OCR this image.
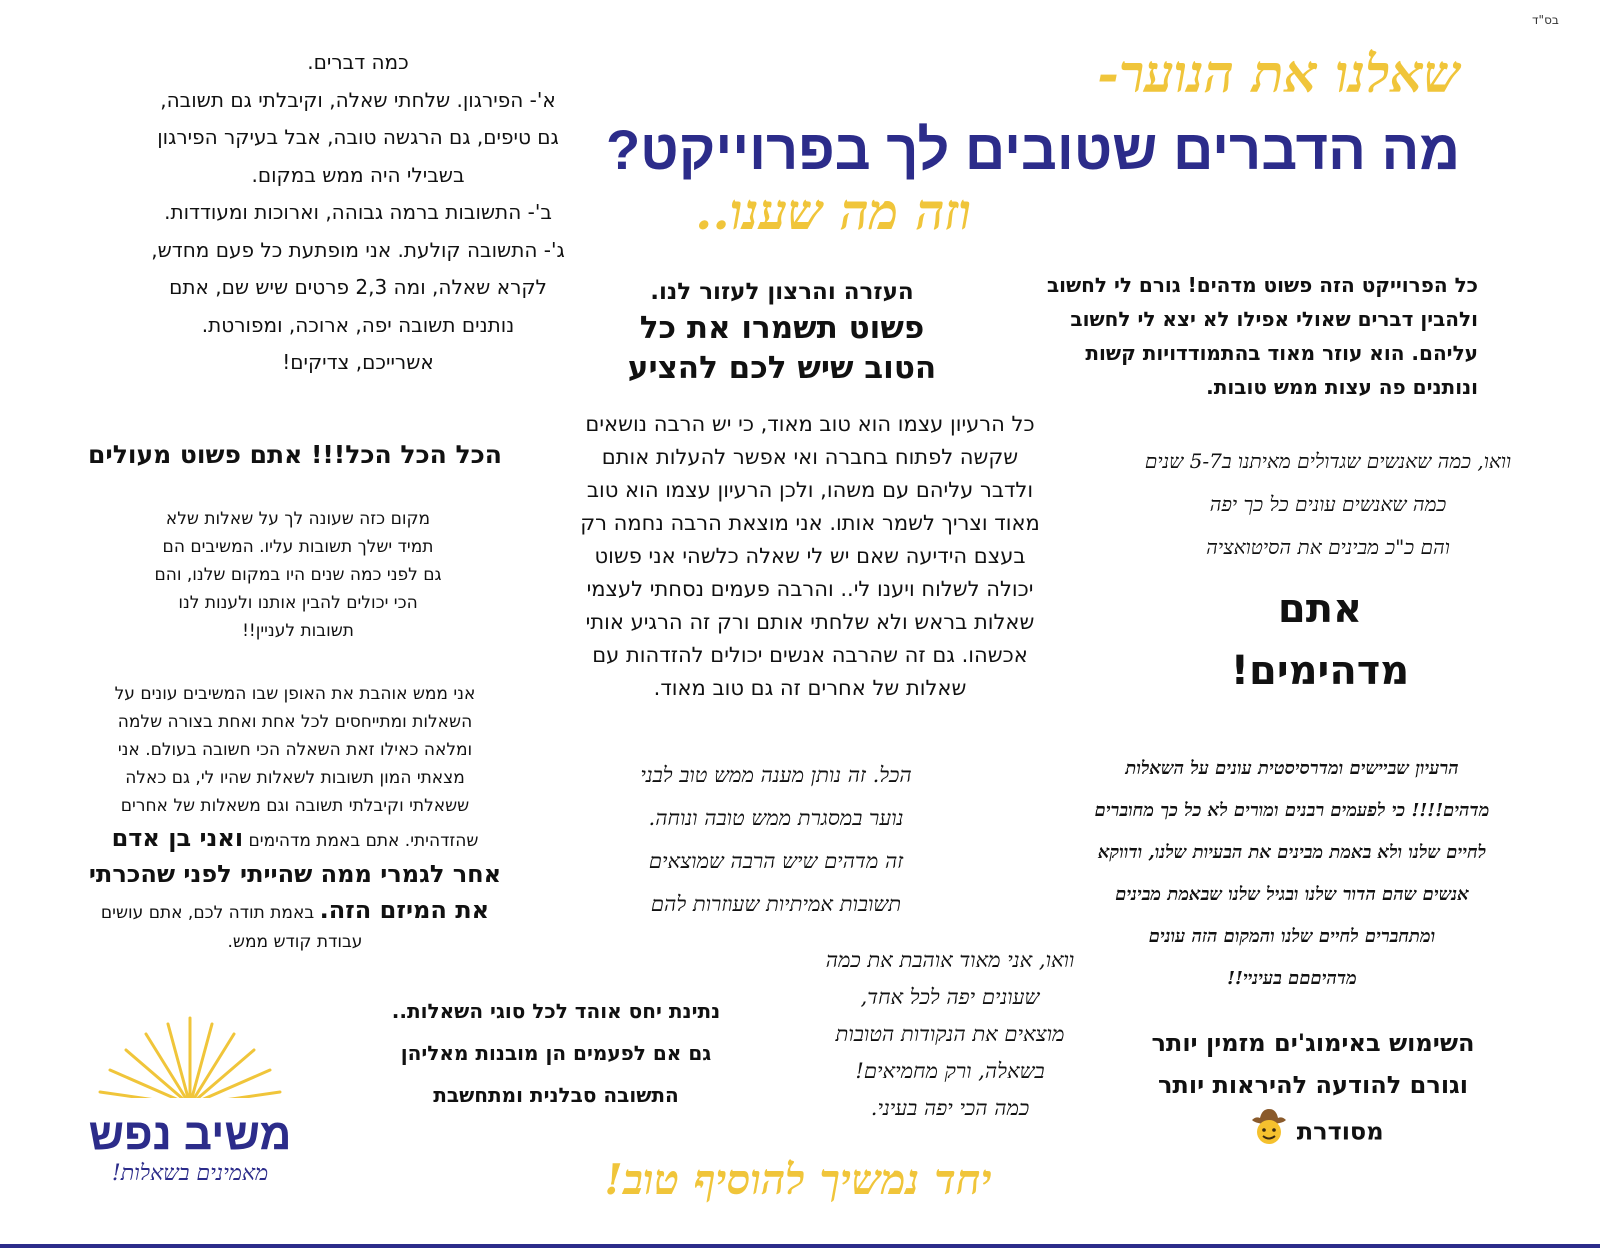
בס"ד
שאלנו את הנוער-
מה הדברים שטובים לך בפרוייקט?
וזה מה שענו..

כמה דברים.

א'- הפירגון. שלחתי שאלה, וקיבלתי גם תשובה,

גם טיפים, גם הרגשה טובה, אבל בעיקר הפירגון

בשבילי היה ממש במקום.

ב'- התשובות ברמה גבוהה, וארוכות ומעודדות.

ג'- התשובה קולעת. אני מופתעת כל פעם מחדש,

לקרא שאלה, ומה 2,3 פרטים שיש שם, אתם

נותנים תשובה יפה, ארוכה, ומפורטת.

אשרייכם, צדיקים!

העזרה והרצון לעזור לנו.

פשוט תשמרו את כל

הטוב שיש לכם להציע

כל הפרוייקט הזה פשוט מדהים! גורם לי לחשוב

ולהבין דברים שאולי אפילו לא יצא לי לחשוב

עליהם. הוא עוזר מאוד בהתמודדויות קשות

ונותנים פה עצות ממש טובות.

הכל הכל הכל!!! אתם פשוט מעולים

מקום כזה שעונה לך על שאלות שלא

תמיד ישלך תשובות עליו. המשיבים הם

גם לפני כמה שנים היו במקום שלנו, והם

הכי יכולים להבין אותנו ולענות לנו

תשובות לעניין!!

כל הרעיון עצמו הוא טוב מאוד, כי יש הרבה נושאים

שקשה לפתוח בחברה ואי אפשר להעלות אותם

ולדבר עליהם עם משהו, ולכן הרעיון עצמו הוא טוב

מאוד וצריך לשמר אותו. אני מוצאת הרבה נחמה רק

בעצם הידיעה שאם יש לי שאלה כלשהי אני פשוט

יכולה לשלוח ויענו לי.. והרבה פעמים נסחתי לעצמי

שאלות בראש ולא שלחתי אותם ורק זה הרגיע אותי

אכשהו. גם זה שהרבה אנשים יכולים להזדהות עם

שאלות של אחרים זה גם טוב מאוד.

וואו, כמה שאנשים שגדולים מאיתנו ב5-7 שנים

כמה שאנשים עונים כל כך יפה

והם כ"כ מבינים את הסיטואציה

אתם

מדהימים!

אני ממש אוהבת את האופן שבו המשיבים עונים על

השאלות ומתייחסים לכל אחת ואחת בצורה שלמה

ומלאה כאילו זאת השאלה הכי חשובה בעולם. אני

מצאתי המון תשובות לשאלות שהיו לי, גם כאלה

ששאלתי וקיבלתי תשובה וגם משאלות של אחרים

שהזדהיתי. אתם באמת מדהימים ואני בן אדם

אחר לגמרי ממה שהייתי לפני שהכרתי

את המיזם הזה. באמת תודה לכם, אתם עושים

עבודת קודש ממש.

הכל. זה נותן מענה ממש טוב לבני

נוער במסגרת ממש טובה ונוחה.

זה מדהים שיש הרבה שמוצאים

תשובות אמיתיות שעוזרות להם

הרעיון שביישים ומדרסיסטית עונים על השאלות

מדהים!!!! כי לפעמים רבנים ומורים לא כל כך מחוברים

לחיים שלנו ולא באמת מבינים את הבעיות שלנו, ודווקא

אנשים שהם הדור שלנו ובגיל שלנו שבאמת מבינים

ומתחברים לחיים שלנו והמקום הזה עונים

מדהיםםם בעיניי!!

וואו, אני מאוד אוהבת את כמה

שעונים יפה לכל אחד,

מוצאים את הנקודות הטובות

בשאלה, ורק מחמיאים!

כמה הכי יפה בעיני.

נתינת יחס אוהד לכל סוגי השאלות..

גם אם לפעמים הן מובנות מאליהן

התשובה סבלנית ומתחשבת

השימוש באימוג'ים מזמין יותר

וגורם להודעה להיראות יותר

מסודרת

יחד נמשיך להוסיף טוב!
משיב נפש
מאמינים בשאלות!
